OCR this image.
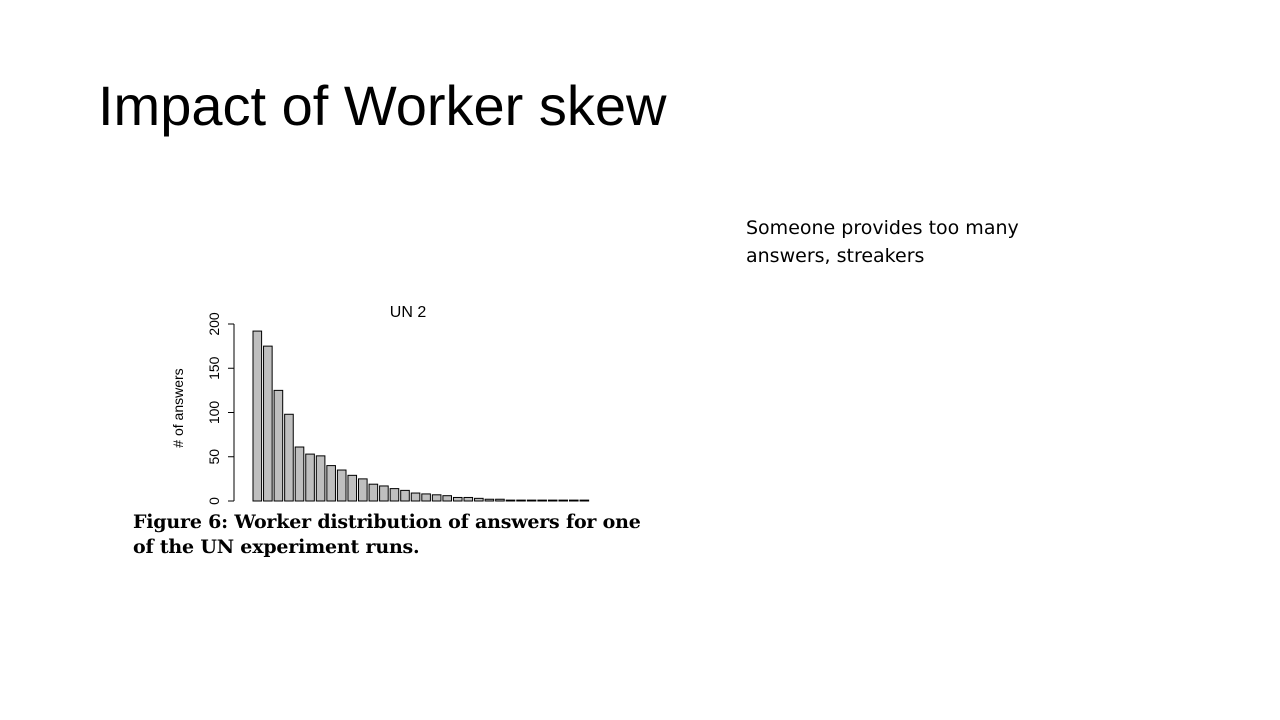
Impact of Worker skew
Someone provides too many answers, streakers
UN 2
# of answers
0
50
100
150
200
Figure 6: Worker distribution of answers for one of the UN experiment runs.
